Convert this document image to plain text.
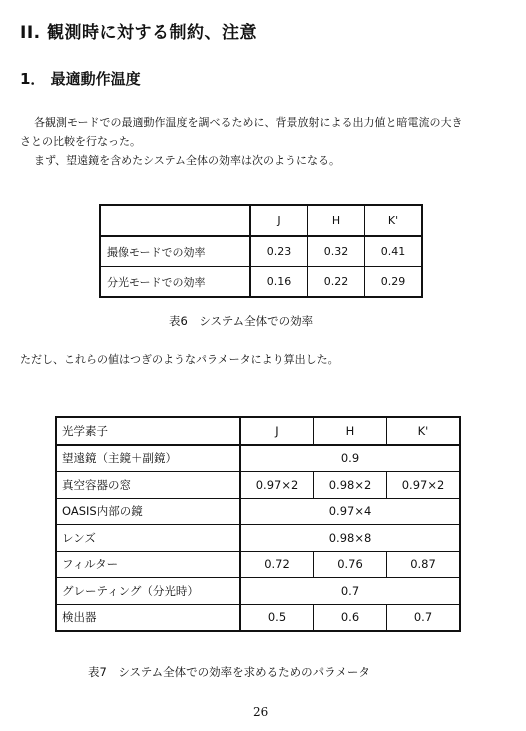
II. 観測時に対する制約、注意
1． 最適動作温度
各観測モードでの最適動作温度を調べるために、背景放射による出力値と暗電流の大き
さとの比較を行なった。
まず、望遠鏡を含めたシステム全体の効率は次のようになる。
	J	H	K'
撮像モードでの効率	0.23	0.32	0.41
分光モードでの効率	0.16	0.22	0.29
表6　システム全体での効率
ただし、これらの値はつぎのようなパラメータにより算出した。
光学素子	J	H	K'
望遠鏡（主鏡＋副鏡）	0.9		
真空容器の窓	0.97×2	0.98×2	0.97×2
OASIS内部の鏡	0.97×4		
レンズ	0.98×8		
フィルター	0.72	0.76	0.87
グレーティング（分光時）	0.7		
検出器	0.5	0.6	0.7
表7　システム全体での効率を求めるためのパラメータ
26
